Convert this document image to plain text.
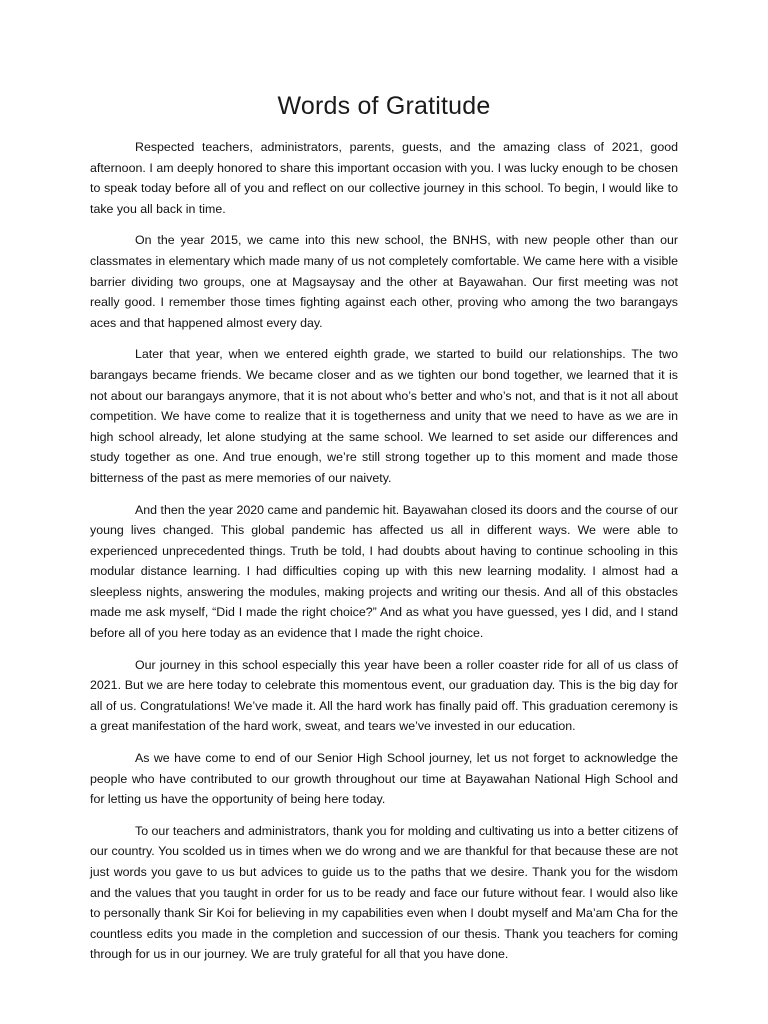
Words of Gratitude

Respected teachers, administrators, parents, guests, and the amazing class of 2021, good afternoon. I am deeply honored to share this important occasion with you. I was lucky enough to be chosen to speak today before all of you and reflect on our collective journey in this school. To begin, I would like to take you all back in time.

On the year 2015, we came into this new school, the BNHS, with new people other than our classmates in elementary which made many of us not completely comfortable. We came here with a visible barrier dividing two groups, one at Magsaysay and the other at Bayawahan. Our first meeting was not really good. I remember those times fighting against each other, proving who among the two barangays aces and that happened almost every day.

Later that year, when we entered eighth grade, we started to build our relationships. The two barangays became friends. We became closer and as we tighten our bond together, we learned that it is not about our barangays anymore, that it is not about who’s better and who’s not, and that is it not all about competition. We have come to realize that it is togetherness and unity that we need to have as we are in high school already, let alone studying at the same school. We learned to set aside our differences and study together as one. And true enough, we’re still strong together up to this moment and made those bitterness of the past as mere memories of our naivety.

And then the year 2020 came and pandemic hit. Bayawahan closed its doors and the course of our young lives changed. This global pandemic has affected us all in different ways. We were able to experienced unprecedented things. Truth be told, I had doubts about having to continue schooling in this modular distance learning. I had difficulties coping up with this new learning modality. I almost had a sleepless nights, answering the modules, making projects and writing our thesis. And all of this obstacles made me ask myself, “Did I made the right choice?” And as what you have guessed, yes I did, and I stand before all of you here today as an evidence that I made the right choice.

Our journey in this school especially this year have been a roller coaster ride for all of us class of 2021. But we are here today to celebrate this momentous event, our graduation day. This is the big day for all of us. Congratulations! We’ve made it. All the hard work has finally paid off. This graduation ceremony is a great manifestation of the hard work, sweat, and tears we’ve invested in our education.

As we have come to end of our Senior High School journey, let us not forget to acknowledge the people who have contributed to our growth throughout our time at Bayawahan National High School and for letting us have the opportunity of being here today.

To our teachers and administrators, thank you for molding and cultivating us into a better citizens of our country. You scolded us in times when we do wrong and we are thankful for that because these are not just words you gave to us but advices to guide us to the paths that we desire. Thank you for the wisdom and the values that you taught in order for us to be ready and face our future without fear. I would also like to personally thank Sir Koi for believing in my capabilities even when I doubt myself and Ma’am Cha for the countless edits you made in the completion and succession of our thesis. Thank you teachers for coming through for us in our journey. We are truly grateful for all that you have done.
